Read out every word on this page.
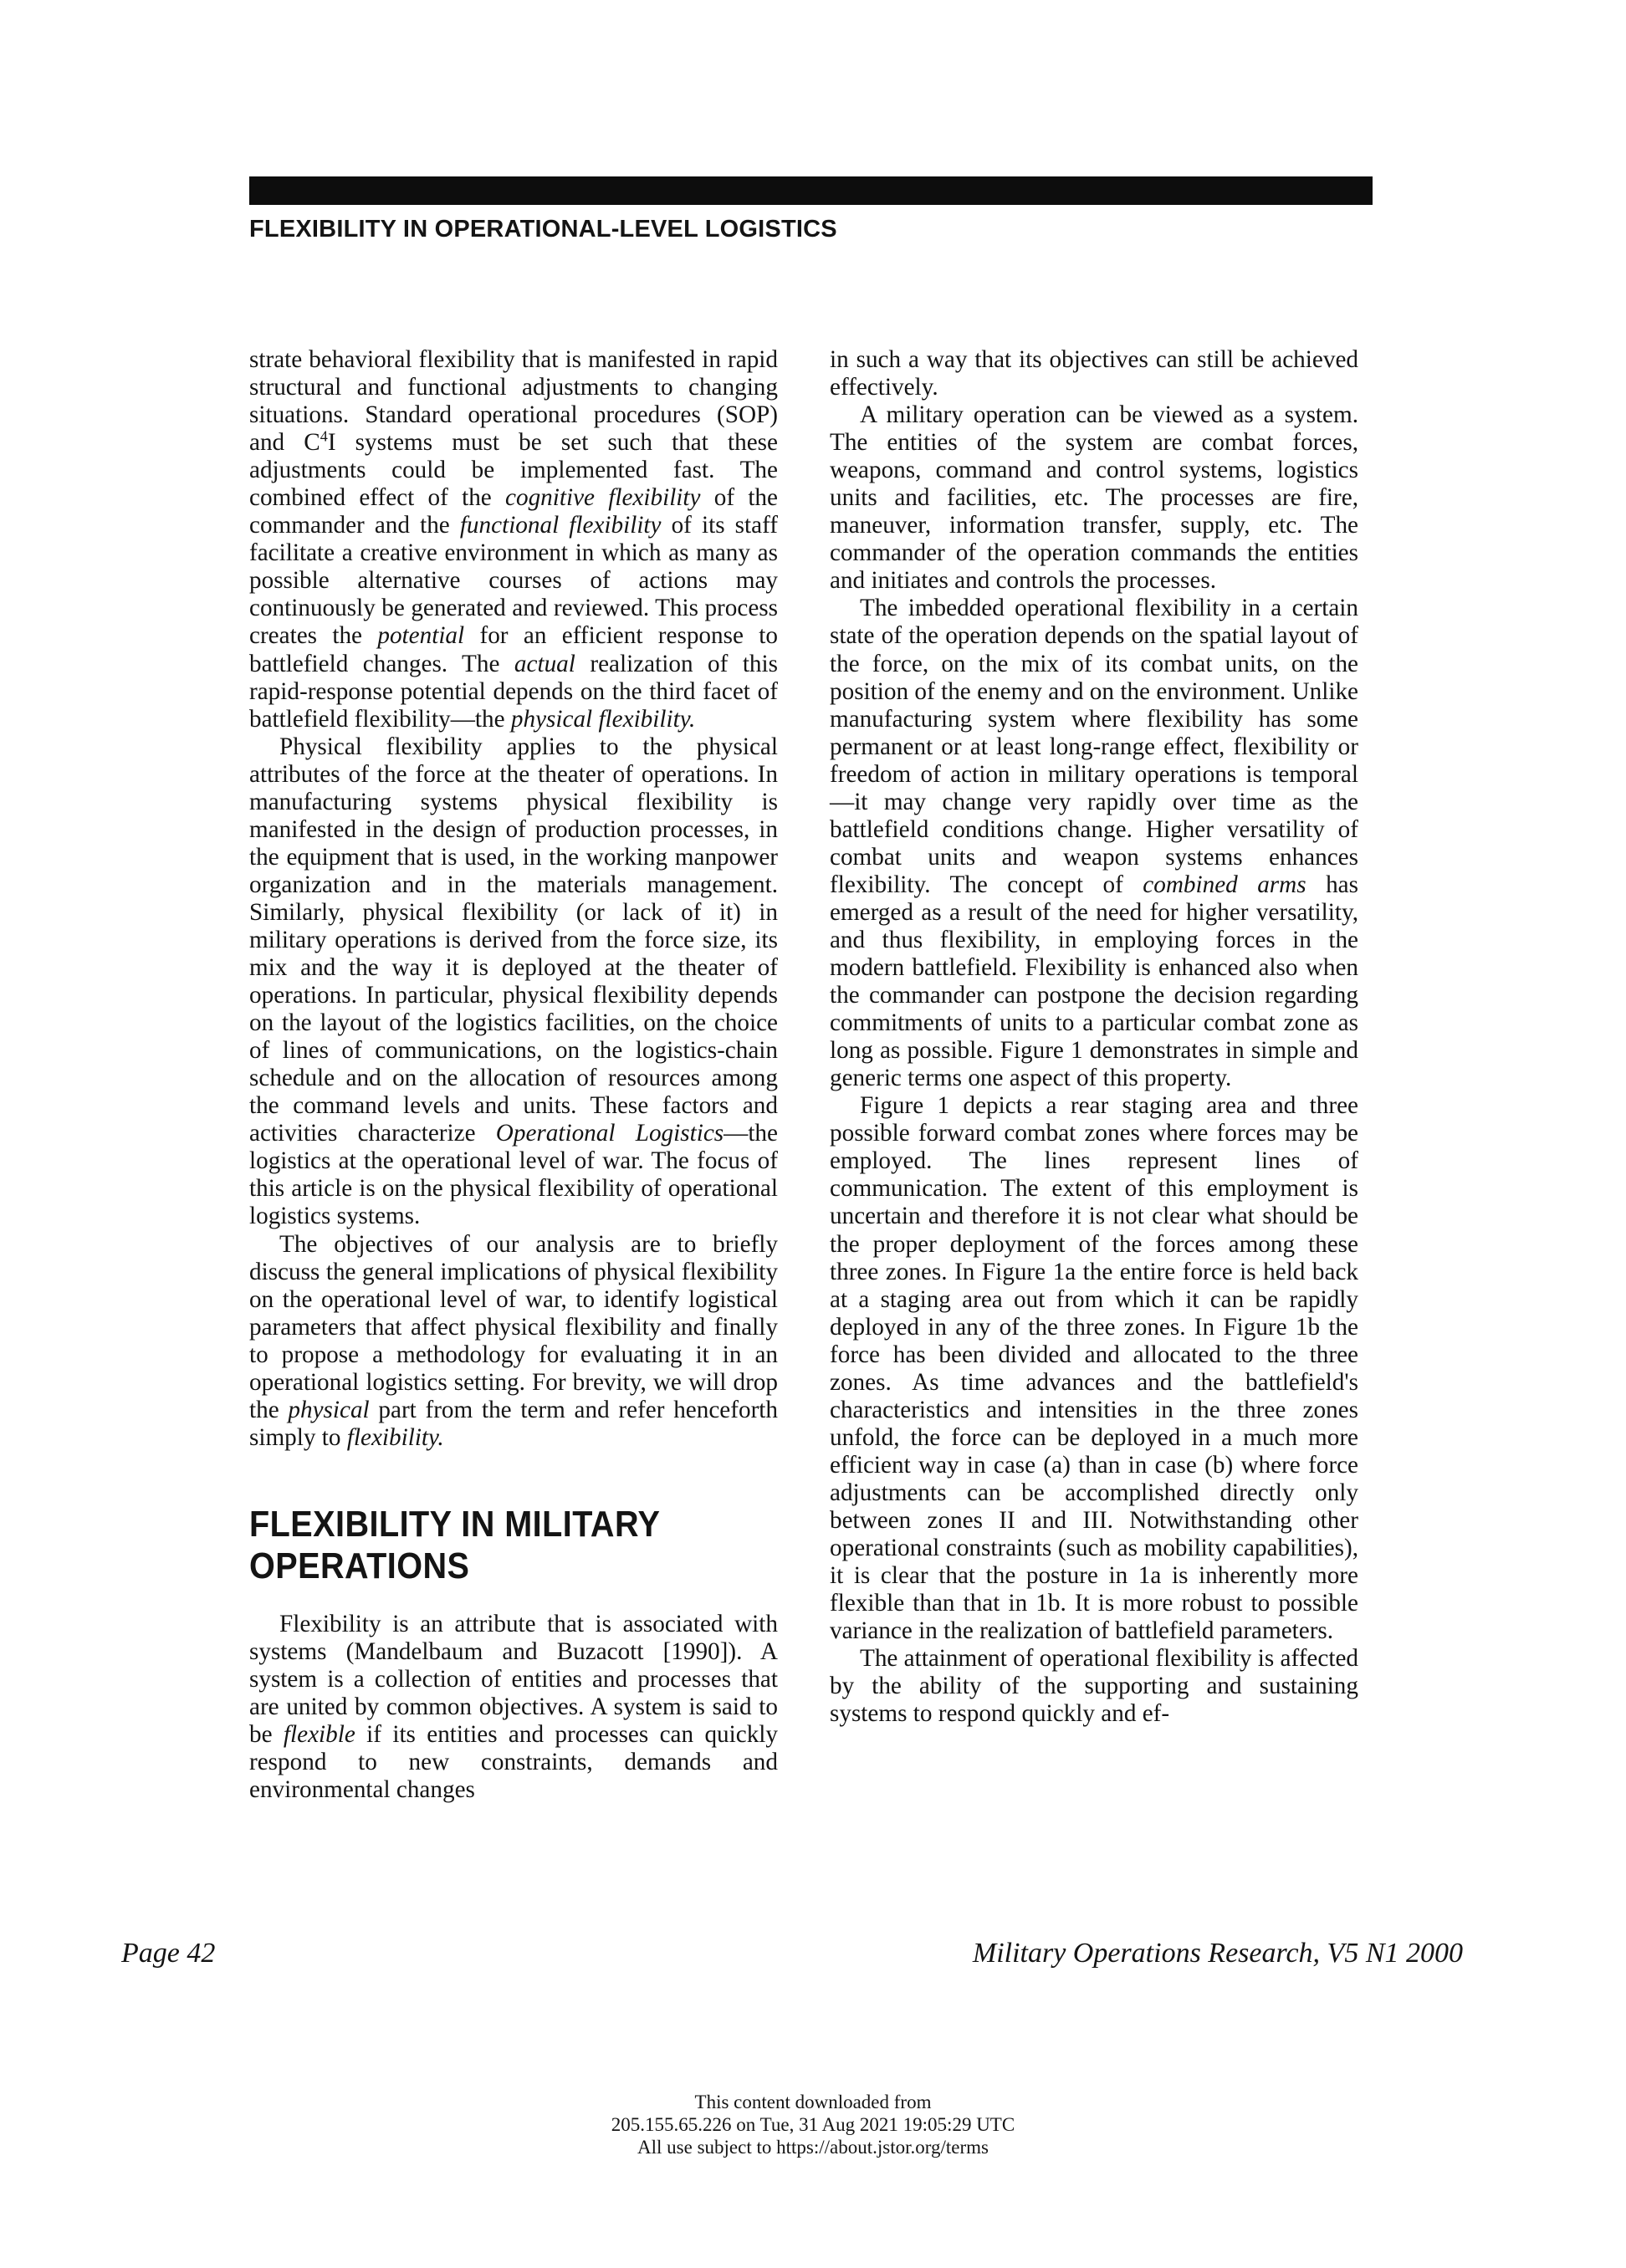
FLEXIBILITY IN OPERATIONAL-LEVEL LOGISTICS

strate behavioral flexibility that is manifested in rapid structural and functional adjustments to changing situations. Standard operational procedures (SOP) and $C^4I$ systems must be set such that these adjustments could be implemented fast. The combined effect of the cognitive flexibility of the commander and the functional flexibility of its staff facilitate a creative environment in which as many as possible alternative courses of actions may continuously be generated and reviewed. This process creates the potential for an efficient response to battlefield changes. The actual realization of this rapid-response potential depends on the third facet of battlefield flexibility—the physical flexibility.

Physical flexibility applies to the physical attributes of the force at the theater of operations. In manufacturing systems physical flexibility is manifested in the design of production processes, in the equipment that is used, in the working manpower organization and in the materials management. Similarly, physical flexibility (or lack of it) in military operations is derived from the force size, its mix and the way it is deployed at the theater of operations. In particular, physical flexibility depends on the layout of the logistics facilities, on the choice of lines of communications, on the logistics-chain schedule and on the allocation of resources among the command levels and units. These factors and activities characterize Operational Logistics—the logistics at the operational level of war. The focus of this article is on the physical flexibility of operational logistics systems.

The objectives of our analysis are to briefly discuss the general implications of physical flexibility on the operational level of war, to identify logistical parameters that affect physical flexibility and finally to propose a methodology for evaluating it in an operational logistics setting. For brevity, we will drop the physical part from the term and refer henceforth simply to flexibility.

FLEXIBILITY IN MILITARY OPERATIONS

Flexibility is an attribute that is associated with systems (Mandelbaum and Buzacott [1990]). A system is a collection of entities and processes that are united by common objectives. A system is said to be flexible if its entities and processes can quickly respond to new constraints, demands and environmental changes

in such a way that its objectives can still be achieved effectively.

A military operation can be viewed as a system. The entities of the system are combat forces, weapons, command and control systems, logistics units and facilities, etc. The processes are fire, maneuver, information transfer, supply, etc. The commander of the operation commands the entities and initiates and controls the processes.

The imbedded operational flexibility in a certain state of the operation depends on the spatial layout of the force, on the mix of its combat units, on the position of the enemy and on the environment. Unlike manufacturing system where flexibility has some permanent or at least long-range effect, flexibility or freedom of action in military operations is temporal—it may change very rapidly over time as the battlefield conditions change. Higher versatility of combat units and weapon systems enhances flexibility. The concept of combined arms has emerged as a result of the need for higher versatility, and thus flexibility, in employing forces in the modern battlefield. Flexibility is enhanced also when the commander can postpone the decision regarding commitments of units to a particular combat zone as long as possible. Figure 1 demonstrates in simple and generic terms one aspect of this property.

Figure 1 depicts a rear staging area and three possible forward combat zones where forces may be employed. The lines represent lines of communication. The extent of this employment is uncertain and therefore it is not clear what should be the proper deployment of the forces among these three zones. In Figure 1a the entire force is held back at a staging area out from which it can be rapidly deployed in any of the three zones. In Figure 1b the force has been divided and allocated to the three zones. As time advances and the battlefield's characteristics and intensities in the three zones unfold, the force can be deployed in a much more efficient way in case (a) than in case (b) where force adjustments can be accomplished directly only between zones II and III. Notwithstanding other operational constraints (such as mobility capabilities), it is clear that the posture in 1a is inherently more flexible than that in 1b. It is more robust to possible variance in the realization of battlefield parameters.

The attainment of operational flexibility is affected by the ability of the supporting and sustaining systems to respond quickly and ef-

Page 42	Military Operations Research, V5 N1 2000
This content downloaded from
205.155.65.226 on Tue, 31 Aug 2021 19:05:29 UTC
All use subject to https://about.jstor.org/terms
